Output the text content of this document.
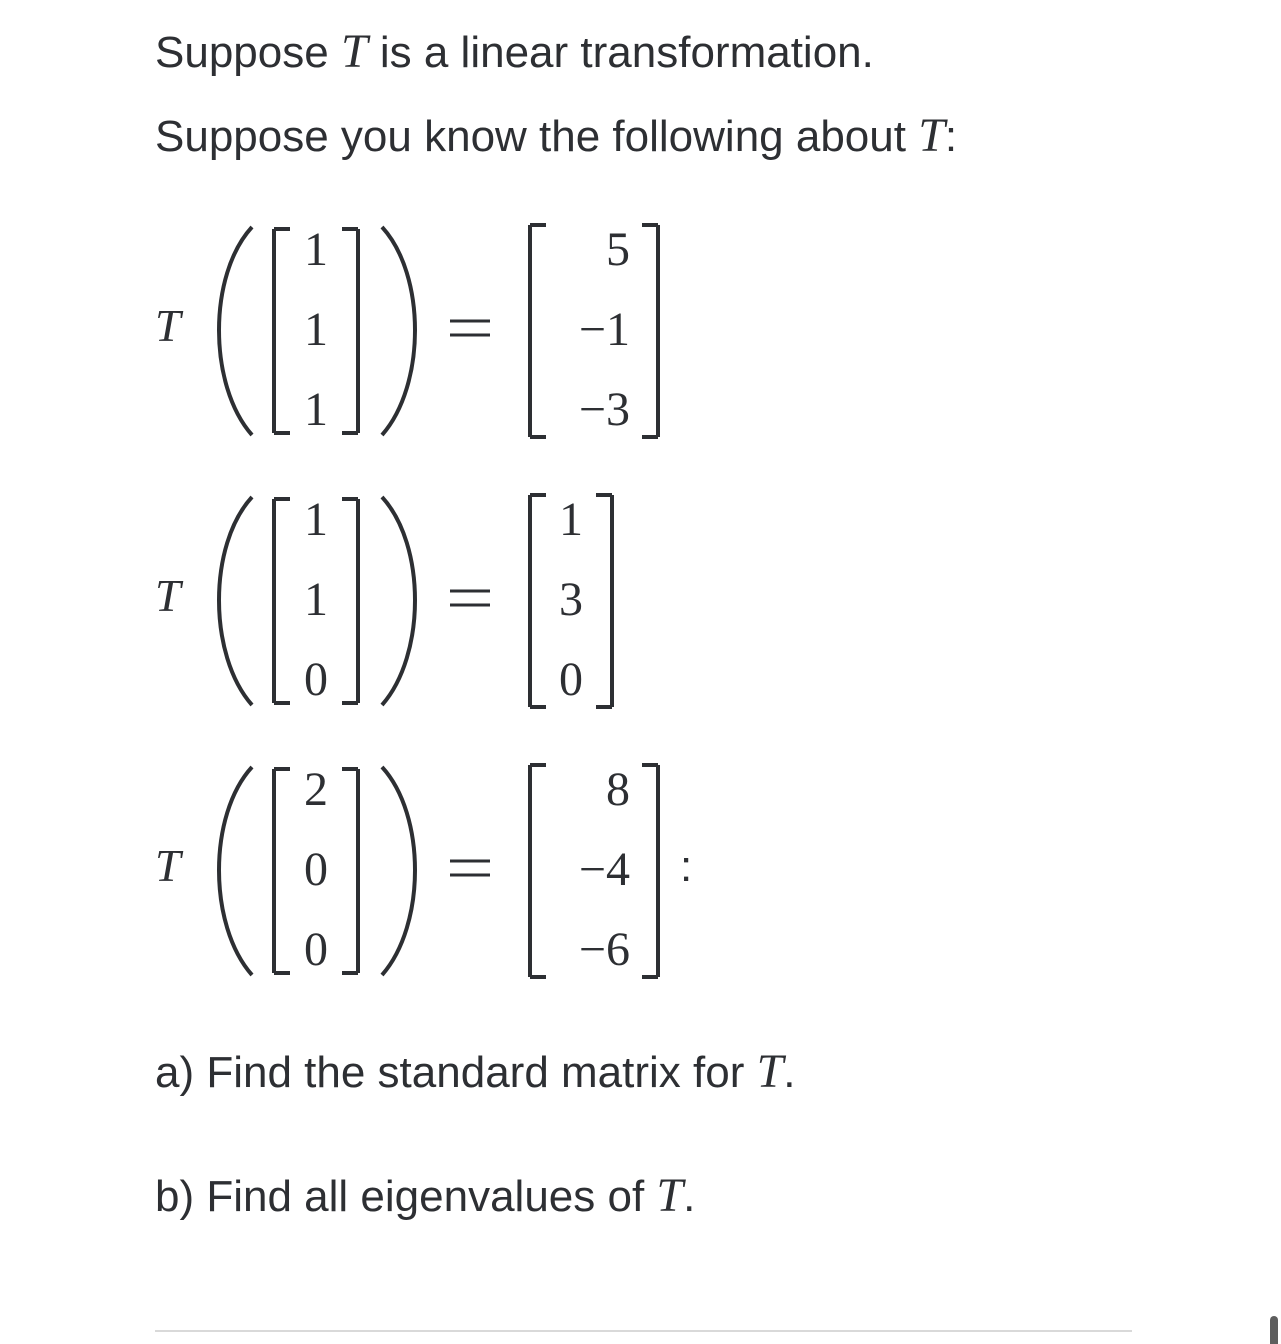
Suppose T is a linear transformation.
Suppose you know the following about T:
T
1
1
1
5
−1
−3
T
1
1
0
1
3
0
T
2
0
0
8
−4
−6
:
a) Find the standard matrix for T.
b) Find all eigenvalues of T.
